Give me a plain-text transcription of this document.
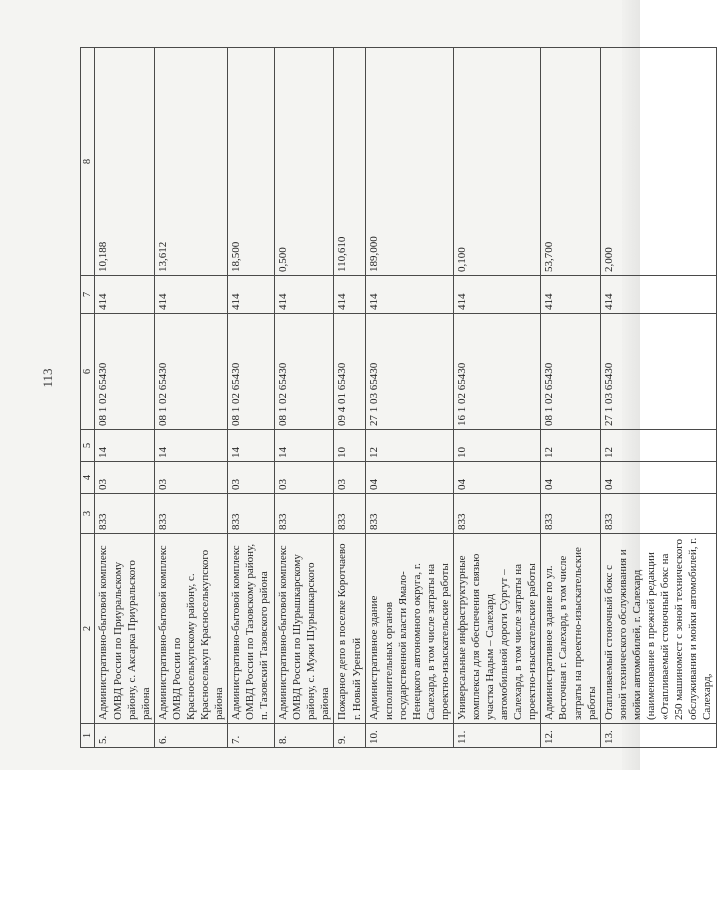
113
1	2	3	4	5	6	7	8
5.	Административно-бытовой комплекс ОМВД России по Приуральскому району, с. Аксарка Приуральского района	833	03	14	08 1 02 65430	414	10,188
6.	Административно-бытовой комплекс ОМВД России по Красноселькупскому району, с. Красноселькуп Красноселькупского района	833	03	14	08 1 02 65430	414	13,612
7.	Административно-бытовой комплекс ОМВД России по Тазовскому району, п. Тазовский Тазовского района	833	03	14	08 1 02 65430	414	18,500
8.	Административно-бытовой комплекс ОМВД России по Шурышкарскому району, с. Мужи Шурышкарского района	833	03	14	08 1 02 65430	414	0,500
9.	Пожарное депо в поселке Коротчаево г. Новый Уренгой	833	03	10	09 4 01 65430	414	110,610
10.	Административное здание исполнительных органов государственной власти Ямало-Ненецкого автономного округа, г. Салехард, в том числе затраты на проектно-изыскательские работы	833	04	12	27 1 03 65430	414	189,000
11.	Универсальные инфраструктурные комплексы для обеспечения связью участка Надым – Салехард автомобильной дороги Сургут – Салехард, в том числе затраты на проектно-изыскательские работы	833	04	10	16 1 02 65430	414	0,100
12.	Административное здание по ул. Восточная г. Салехард, в том числе затраты на проектно-изыскательские работы	833	04	12	08 1 02 65430	414	53,700
13.	Отапливаемый стоночный бокс с зоной технического обслуживания и мойки автомобилей, г. Салехард (наименование в прежней редакции «Отапливаемый стоночный бокс на 250 машиномест с зоной технического обслуживания и мойки автомобилей, г. Салехард,	833	04	12	27 1 03 65430	414	2,000
